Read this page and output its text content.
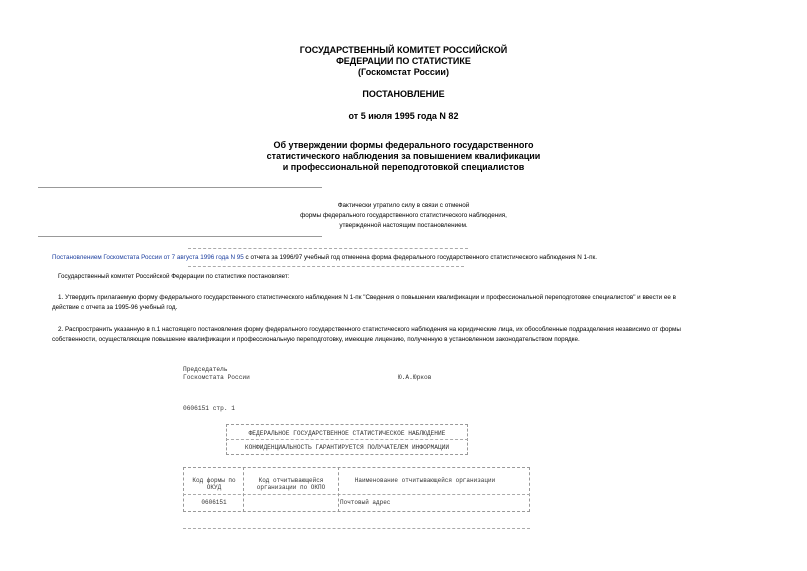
ГОСУДАРСТВЕННЫЙ КОМИТЕТ РОССИЙСКОЙ
ФЕДЕРАЦИИ ПО СТАТИСТИКЕ
(Госкомстат России)
ПОСТАНОВЛЕНИЕ
от 5 июля 1995 года N 82
Об утверждении формы федерального государственного
статистического наблюдения за повышением квалификации
и профессиональной переподготовкой специалистов
Фактически утратило силу в связи с отменой
формы федерального государственного статистического наблюдения,
утвержденной настоящим постановлением.
Постановлением Госкомстата России от 7 августа 1996 года N 95 с отчета за 1996/97 учебный год отменена форма федерального государственного статистического наблюдения N 1-пк.
Государственный комитет Российской Федерации по статистике постановляет:
1. Утвердить прилагаемую форму федерального государственного статистического наблюдения N 1-пк "Сведения о повышении квалификации и профессиональной переподготовке специалистов" и ввести ее в
действие с отчета за 1995-96 учебный год.
2. Распространить указанную в п.1 настоящего постановления форму федерального государственного статистического наблюдения на юридические лица, их обособленные подразделения независимо от формы
собственности, осуществляющие повышение квалификации и профессиональную переподготовку, имеющие лицензию, полученную в установленном законодательством порядке.
Председатель
Госкомстата России	Ю.А.Юрков
0606151 стр. 1
ФЕДЕРАЛЬНОЕ ГОСУДАРСТВЕННОЕ СТАТИСТИЧЕСКОЕ НАБЛЮДЕНИЕ
КОНФИДЕНЦИАЛЬНОСТЬ ГАРАНТИРУЕТСЯ ПОЛУЧАТЕЛЕМ ИНФОРМАЦИИ
Код формы по
ОКУД
Код отчитывающейся
организации по ОКПО
Наименование отчитывающейся организации
0606151	Почтовый адрес
